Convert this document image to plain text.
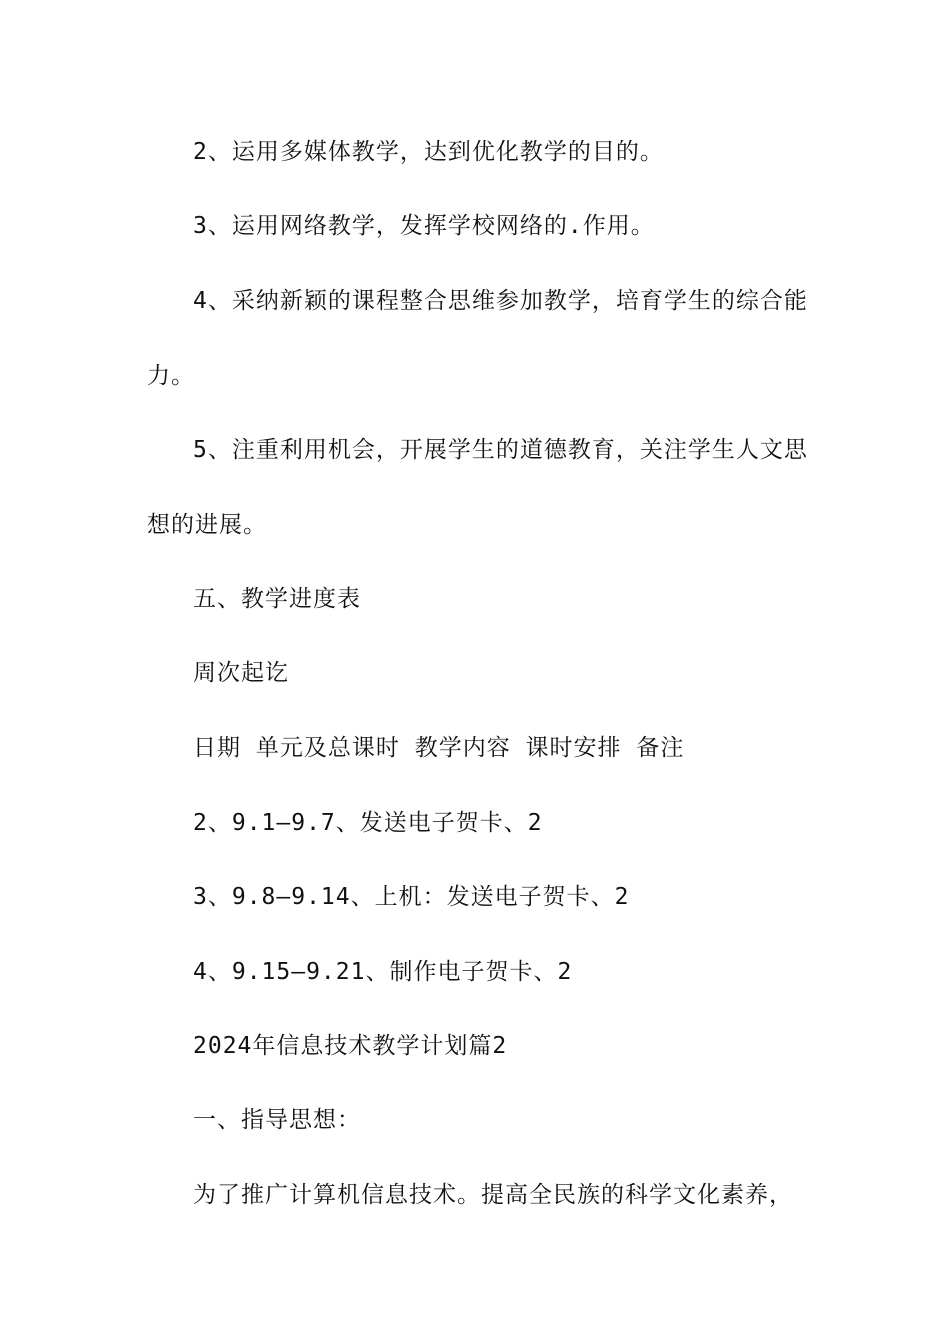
2、运用多媒体教学，达到优化教学的目的。
3、运用网络教学，发挥学校网络的.作用。
4、采纳新颖的课程整合思维参加教学，培育学生的综合能
力。
5、注重利用机会，开展学生的道德教育，关注学生人文思
想的进展。
五、教学进度表
周次起讫
日期 单元及总课时 教学内容 课时安排 备注
2、9.1—9.7、发送电子贺卡、2
3、9.8—9.14、上机：发送电子贺卡、2
4、9.15—9.21、制作电子贺卡、2
2024年信息技术教学计划篇2
一、指导思想：
为了推广计算机信息技术。提高全民族的科学文化素养，
